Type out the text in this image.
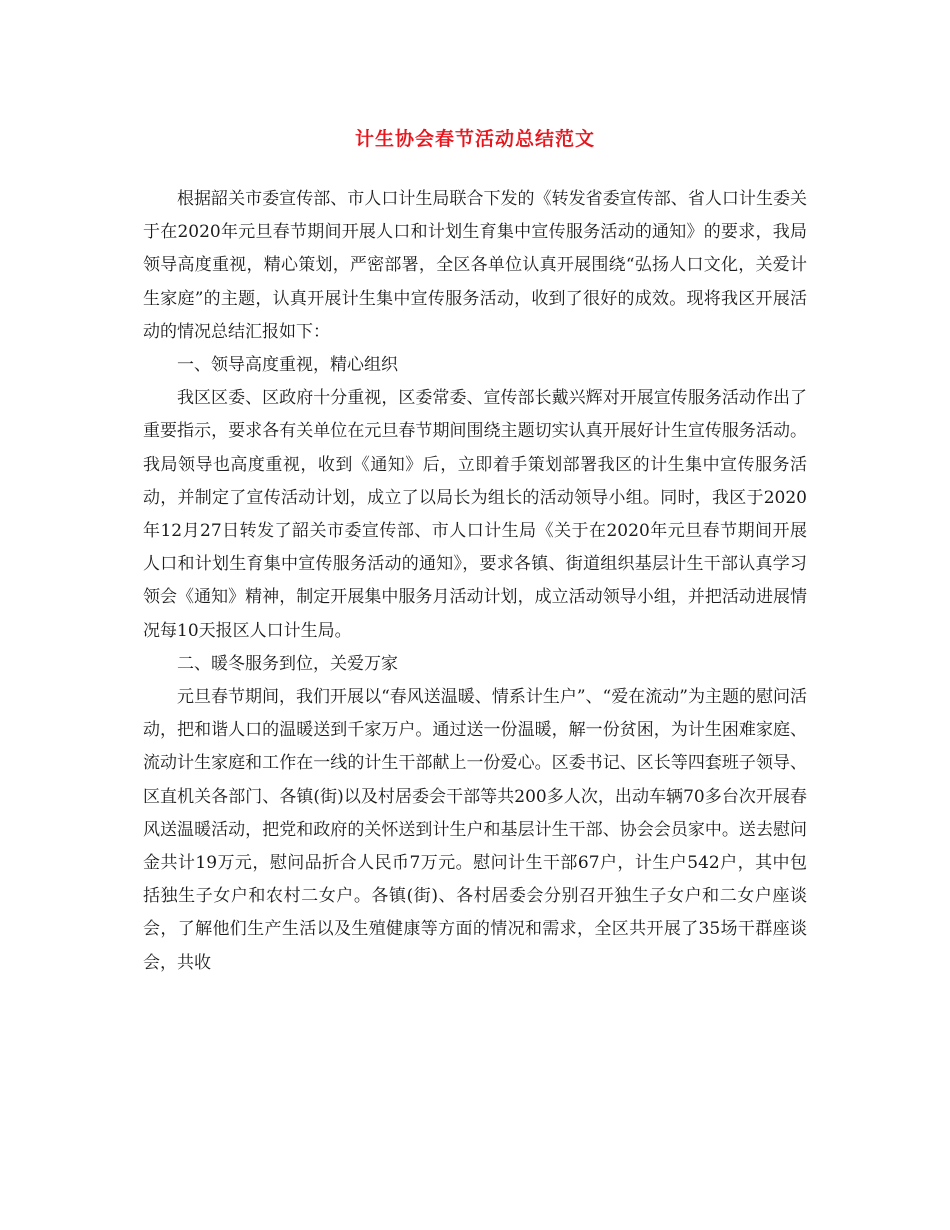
计生协会春节活动总结范文

根据韶关市委宣传部、市人口计生局联合下发的《转发省委宣传部、省人口计生委关于在2020年元旦春节期间开展人口和计划生育集中宣传服务活动的通知》的要求，我局领导高度重视，精心策划，严密部署，全区各单位认真开展围绕“弘扬人口文化，关爱计生家庭”的主题，认真开展计生集中宣传服务活动，收到了很好的成效。现将我区开展活动的情况总结汇报如下：

一、领导高度重视，精心组织

我区区委、区政府十分重视，区委常委、宣传部长戴兴辉对开展宣传服务活动作出了重要指示，要求各有关单位在元旦春节期间围绕主题切实认真开展好计生宣传服务活动。我局领导也高度重视，收到《通知》后，立即着手策划部署我区的计生集中宣传服务活动，并制定了宣传活动计划，成立了以局长为组长的活动领导小组。同时，我区于2020年12月27日转发了韶关市委宣传部、市人口计生局《关于在2020年元旦春节期间开展人口和计划生育集中宣传服务活动的通知》，要求各镇、街道组织基层计生干部认真学习领会《通知》精神，制定开展集中服务月活动计划，成立活动领导小组，并把活动进展情况每10天报区人口计生局。

二、暖冬服务到位，关爱万家

元旦春节期间，我们开展以“春风送温暖、情系计生户”、“爱在流动”为主题的慰问活动，把和谐人口的温暖送到千家万户。通过送一份温暖，解一份贫困，为计生困难家庭、流动计生家庭和工作在一线的计生干部献上一份爱心。区委书记、区长等四套班子领导、区直机关各部门、各镇(街)以及村居委会干部等共200多人次，出动车辆70多台次开展春风送温暖活动，把党和政府的关怀送到计生户和基层计生干部、协会会员家中。送去慰问金共计19万元，慰问品折合人民币7万元。慰问计生干部67户，计生户542户，其中包括独生子女户和农村二女户。各镇(街)、各村居委会分别召开独生子女户和二女户座谈会，了解他们生产生活以及生殖健康等方面的情况和需求，全区共开展了35场干群座谈会，共收
